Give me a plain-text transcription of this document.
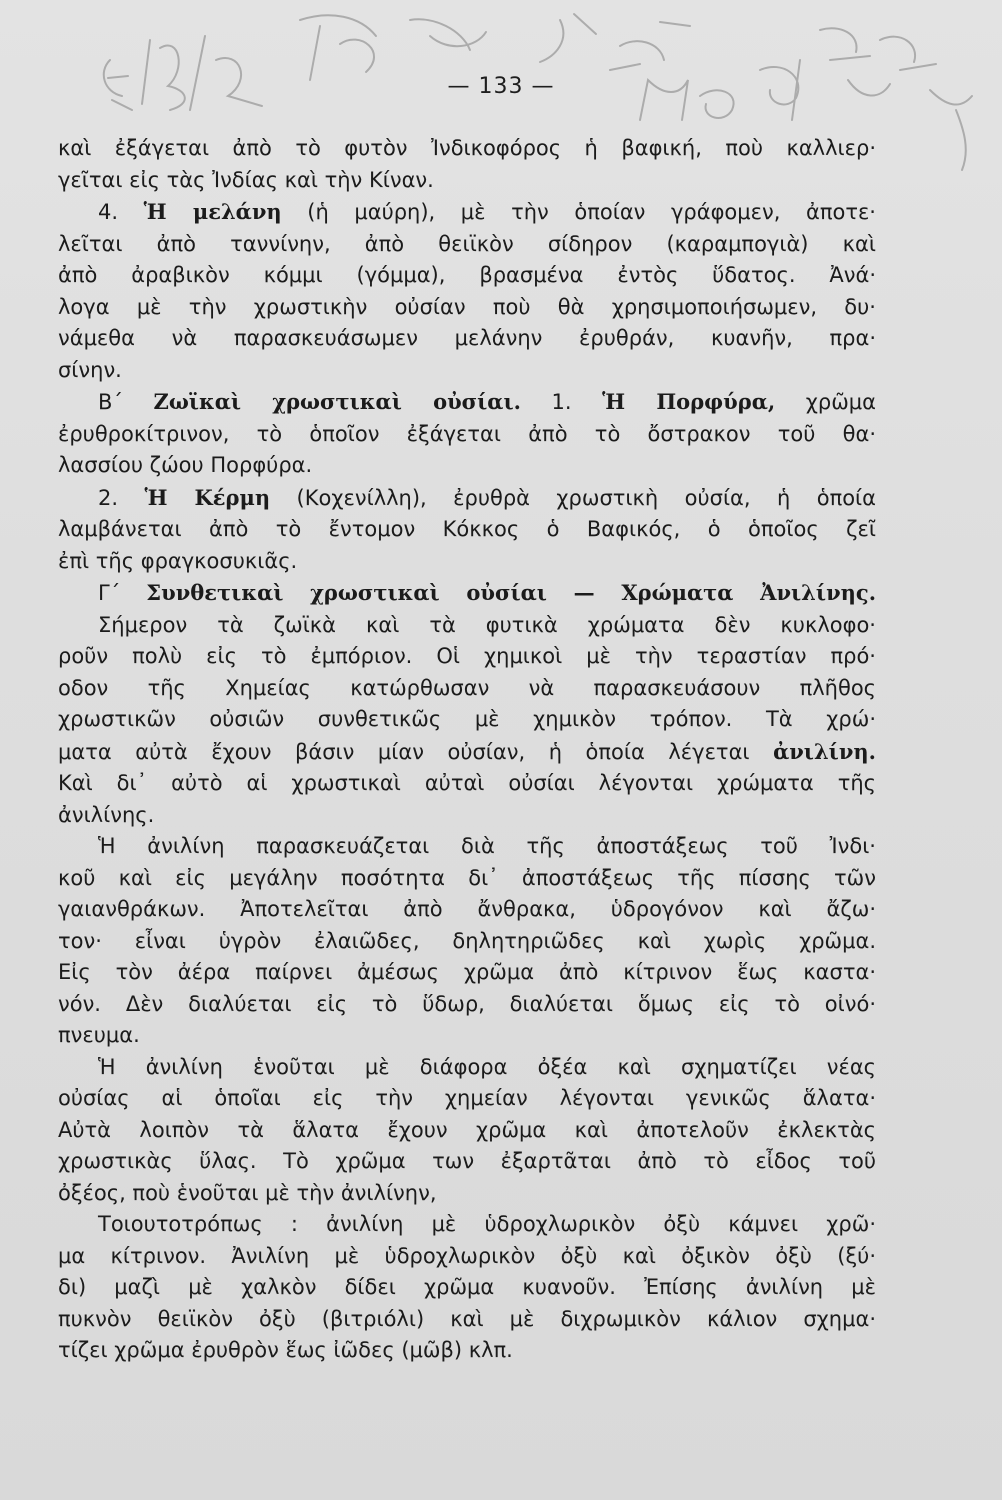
— 133 —
καὶ ἐξάγεται ἀπὸ τὸ φυτὸν Ἰνδικοφόρος ἡ βαφική, ποὺ καλλιερ·
γεῖται εἰς τὰς Ἰνδίας καὶ τὴν Κίναν.
4. Ἡ μελάνη (ἡ μαύρη), μὲ τὴν ὁποίαν γράφομεν, ἀποτε·
λεῖται ἀπὸ ταννίνην, ἀπὸ θειϊκὸν σίδηρον (καραμπογιὰ) καὶ
ἀπὸ ἀραβικὸν κόμμι (γόμμα), βρασμένα ἐντὸς ὕδατος. Ἀνά·
λογα μὲ τὴν χρωστικὴν οὐσίαν ποὺ θὰ χρησιμοποιήσωμεν, δυ·
νάμεθα νὰ παρασκευάσωμεν μελάνην ἐρυθράν, κυανῆν, πρα·
σίνην.
Β΄ Ζωϊκαὶ χρωστικαὶ οὐσίαι. 1. Ἡ Πορφύρα, χρῶμα
ἐρυθροκίτρινον, τὸ ὁποῖον ἐξάγεται ἀπὸ τὸ ὄστρακον τοῦ θα·
λασσίου ζώου Πορφύρα.
2. Ἡ Κέρμη (Κοχενίλλη), ἐρυθρὰ χρωστικὴ οὐσία, ἡ ὁποία
λαμβάνεται ἀπὸ τὸ ἔντομον Κόκκος ὁ Βαφικός, ὁ ὁποῖος ζεῖ
ἐπὶ τῆς φραγκοσυκιᾶς.
Γ΄ Συνθετικαὶ χρωστικαὶ οὐσίαι — Χρώματα Ἀνιλίνης.
Σήμερον τὰ ζωϊκὰ καὶ τὰ φυτικὰ χρώματα δὲν κυκλοφο·
ροῦν πολὺ εἰς τὸ ἐμπόριον. Οἱ χημικοὶ μὲ τὴν τεραστίαν πρό·
οδον τῆς Χημείας κατώρθωσαν νὰ παρασκευάσουν πλῆθος
χρωστικῶν οὐσιῶν συνθετικῶς μὲ χημικὸν τρόπον. Τὰ χρώ·
ματα αὐτὰ ἔχουν βάσιν μίαν οὐσίαν, ἡ ὁποία λέγεται ἀνιλίνη.
Καὶ δι᾽ αὐτὸ αἱ χρωστικαὶ αὐταὶ οὐσίαι λέγονται χρώματα τῆς
ἀνιλίνης.
Ἡ ἀνιλίνη παρασκευάζεται διὰ τῆς ἀποστάξεως τοῦ Ἰνδι·
κοῦ καὶ εἰς μεγάλην ποσότητα δι᾽ ἀποστάξεως τῆς πίσσης τῶν
γαιανθράκων. Ἀποτελεῖται ἀπὸ ἄνθρακα, ὑδρογόνον καὶ ἄζω·
τον· εἶναι ὑγρὸν ἐλαιῶδες, δηλητηριῶδες καὶ χωρὶς χρῶμα.
Εἰς τὸν ἀέρα παίρνει ἀμέσως χρῶμα ἀπὸ κίτρινον ἕως καστα·
νόν. Δὲν διαλύεται εἰς τὸ ὕδωρ, διαλύεται ὅμως εἰς τὸ οἰνό·
πνευμα.
Ἡ ἀνιλίνη ἑνοῦται μὲ διάφορα ὀξέα καὶ σχηματίζει νέας
οὐσίας αἱ ὁποῖαι εἰς τὴν χημείαν λέγονται γενικῶς ἅλατα·
Αὐτὰ λοιπὸν τὰ ἅλατα ἔχουν χρῶμα καὶ ἀποτελοῦν ἐκλεκτὰς
χρωστικὰς ὕλας. Τὸ χρῶμα των ἐξαρτᾶται ἀπὸ τὸ εἶδος τοῦ
ὀξέος, ποὺ ἑνοῦται μὲ τὴν ἀνιλίνην,
Τοιουτοτρόπως : ἀνιλίνη μὲ ὑδροχλωρικὸν ὀξὺ κάμνει χρῶ·
μα κίτρινον. Ἀνιλίνη μὲ ὑδροχλωρικὸν ὀξὺ καὶ ὀξικὸν ὀξὺ (ξύ·
δι) μαζὶ μὲ χαλκὸν δίδει χρῶμα κυανοῦν. Ἐπίσης ἀνιλίνη μὲ
πυκνὸν θειϊκὸν ὀξὺ (βιτριόλι) καὶ μὲ διχρωμικὸν κάλιον σχημα·
τίζει χρῶμα ἐρυθρὸν ἕως ἰῶδες (μῶβ) κλπ.
